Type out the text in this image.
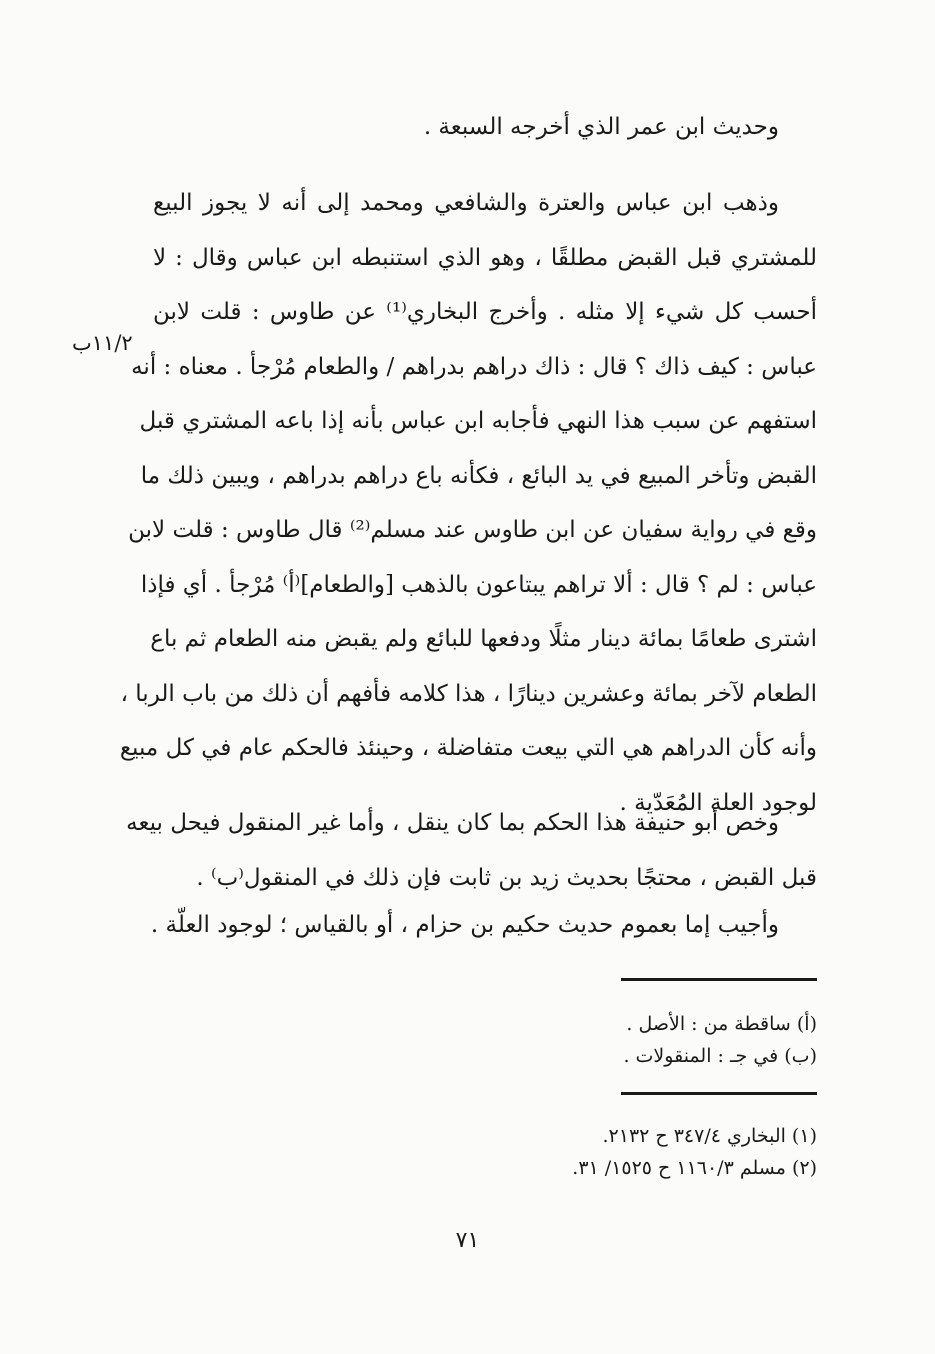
وحديث ابن عمر الذي أخرجه السبعة .
وذهب ابن عباس والعترة والشافعي ومحمد إلى أنه لا يجوز البيع
للمشتري قبل القبض مطلقًا ، وهو الذي استنبطه ابن عباس وقال : لا
أحسب كل شيء إلا مثله . وأخرج البخاري⁽¹⁾ عن طاوس : قلت لابن
عباس : كيف ذاك ؟ قال : ذاك دراهم بدراهم / والطعام مُرْجأ . معناه : أنه
استفهم عن سبب هذا النهي فأجابه ابن عباس بأنه إذا باعه المشتري قبل
القبض وتأخر المبيع في يد البائع ، فكأنه باع دراهم بدراهم ، ويبين ذلك ما
وقع في رواية سفيان عن ابن طاوس عند مسلم⁽²⁾ قال طاوس : قلت لابن
عباس : لم ؟ قال : ألا تراهم يبتاعون بالذهب [والطعام]⁽أ⁾ مُرْجأ . أي فإذا
اشترى طعامًا بمائة دينار مثلًا ودفعها للبائع ولم يقبض منه الطعام ثم باع
الطعام لآخر بمائة وعشرين دينارًا ، هذا كلامه فأفهم أن ذلك من باب الربا ،
وأنه كأن الدراهم هي التي بيعت متفاضلة ، وحينئذ فالحكم عام في كل مبيع
لوجود العلة المُعَدّية .
١١/٢ب
وخص أبو حنيفة هذا الحكم بما كان ينقل ، وأما غير المنقول فيحل بيعه
قبل القبض ، محتجًا بحديث زيد بن ثابت فإن ذلك في المنقول⁽ب⁾ .
وأجيب إما بعموم حديث حكيم بن حزام ، أو بالقياس ؛ لوجود العلّة .
(أ) ساقطة من : الأصل .
(ب) في جـ : المنقولات .
(١) البخاري ٣٤٧/٤ ح ٢١٣٢.
(٢) مسلم ١١٦٠/٣ ح ١٥٢٥/ ٣١.
٧١
